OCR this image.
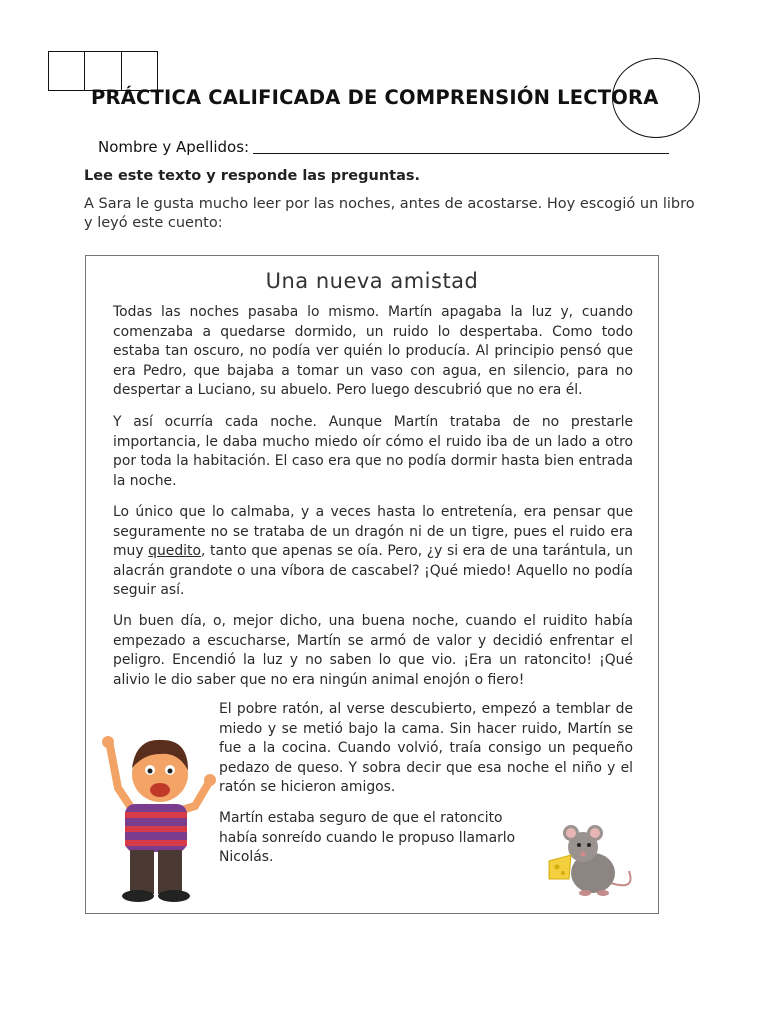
PRÁCTICA CALIFICADA DE COMPRENSIÓN LECTORA
Nombre y Apellidos:
Lee este texto y responde las preguntas.
A Sara le gusta mucho leer por las noches, antes de acostarse. Hoy escogió un libro y leyó este cuento:
Una nueva amistad
Todas las noches pasaba lo mismo. Martín apagaba la luz y, cuando comenzaba a quedarse dormido, un ruido lo despertaba. Como todo estaba tan oscuro, no podía ver quién lo producía. Al principio pensó que era Pedro, que bajaba a tomar un vaso con agua, en silencio, para no despertar a Luciano, su abuelo. Pero luego descubrió que no era él.
Y así ocurría cada noche. Aunque Martín trataba de no prestarle importancia, le daba mucho miedo oír cómo el ruido iba de un lado a otro por toda la habitación. El caso era que no podía dormir hasta bien entrada la noche.
Lo único que lo calmaba, y a veces hasta lo entretenía, era pensar que seguramente no se trataba de un dragón ni de un tigre, pues el ruido era muy quedito, tanto que apenas se oía. Pero, ¿y si era de una tarántula, un alacrán grandote o una víbora de cascabel? ¡Qué miedo! Aquello no podía seguir así.
Un buen día, o, mejor dicho, una buena noche, cuando el ruidito había empezado a escucharse, Martín se armó de valor y decidió enfrentar el peligro. Encendió la luz y no saben lo que vio. ¡Era un ratoncito! ¡Qué alivio le dio saber que no era ningún animal enojón o fiero!
El pobre ratón, al verse descubierto, empezó a temblar de miedo y se metió bajo la cama. Sin hacer ruido, Martín se fue a la cocina. Cuando volvió, traía consigo un pequeño pedazo de queso. Y sobra decir que esa noche el niño y el ratón se hicieron amigos.
Martín estaba seguro de que el ratoncito había sonreído cuando le propuso llamarlo Nicolás.
